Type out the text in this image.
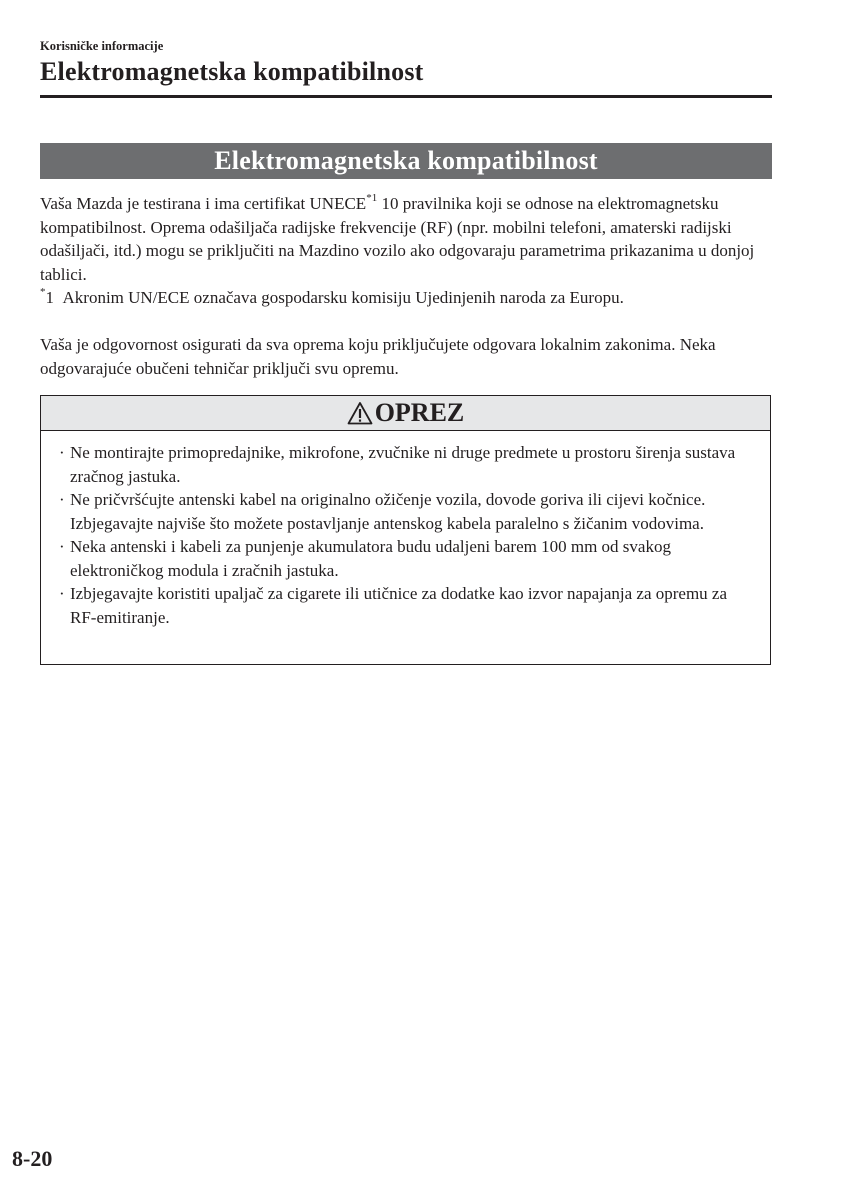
Korisničke informacije

Elektromagnetska kompatibilnost
Elektromagnetska kompatibilnost

Vaša Mazda je testirana i ima certifikat UNECE$^{*1}$ 10 pravilnika koji se odnose na elektromagnetsku kompatibilnost. Oprema odašiljača radijske frekvencije (RF) (npr. mobilni telefoni, amaterski radijski odašiljači, itd.) mogu se priključiti na Mazdino vozilo ako odgovaraju parametrima prikazanima u donjoj tablici.

*1 Akronim UN/ECE označava gospodarsku komisiju Ujedinjenih naroda za Europu.

Vaša je odgovornost osigurati da sva oprema koju priključujete odgovara lokalnim zakonima. Neka odgovarajuće obučeni tehničar priključi svu opremu.

OPREZ
· Ne montirajte primopredajnike, mikrofone, zvučnike ni druge predmete u prostoru širenja sustava zračnog jastuka.
· Ne pričvršćujte antenski kabel na originalno ožičenje vozila, dovode goriva ili cijevi kočnice. Izbjegavajte najviše što možete postavljanje antenskog kabela paralelno s žičanim vodovima.
· Neka antenski i kabeli za punjenje akumulatora budu udaljeni barem 100 mm od svakog elektroničkog modula i zračnih jastuka.
· Izbjegavajte koristiti upaljač za cigarete ili utičnice za dodatke kao izvor napajanja za opremu za RF-emitiranje.
8-20
